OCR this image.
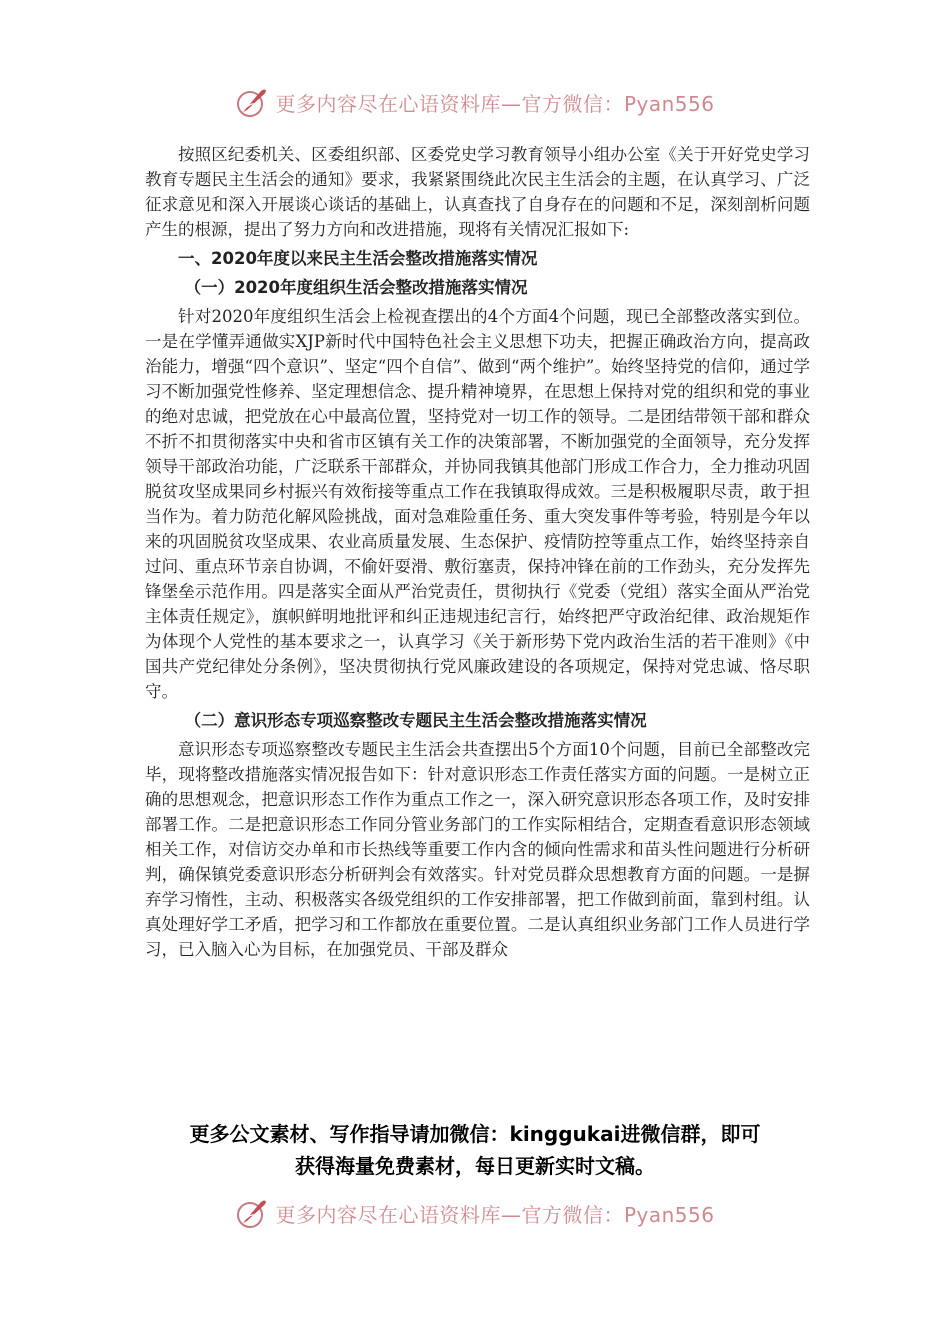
更多内容尽在心语资料库—官方微信：Pyan556

按照区纪委机关、区委组织部、区委党史学习教育领导小组办公室《关于开好党史学习教育专题民主生活会的通知》要求，我紧紧围绕此次民主生活会的主题，在认真学习、广泛征求意见和深入开展谈心谈话的基础上，认真查找了自身存在的问题和不足，深刻剖析问题产生的根源，提出了努力方向和改进措施，现将有关情况汇报如下:

一、2020年度以来民主生活会整改措施落实情况
（一）2020年度组织生活会整改措施落实情况

针对2020年度组织生活会上检视查摆出的4个方面4个问题，现已全部整改落实到位。一是在学懂弄通做实XJP新时代中国特色社会主义思想下功夫，把握正确政治方向，提高政治能力，增强“四个意识”、坚定“四个自信”、做到“两个维护”。始终坚持党的信仰，通过学习不断加强党性修养、坚定理想信念、提升精神境界，在思想上保持对党的组织和党的事业的绝对忠诚，把党放在心中最高位置，坚持党对一切工作的领导。二是团结带领干部和群众不折不扣贯彻落实中央和省市区镇有关工作的决策部署，不断加强党的全面领导，充分发挥领导干部政治功能，广泛联系干部群众，并协同我镇其他部门形成工作合力，全力推动巩固脱贫攻坚成果同乡村振兴有效衔接等重点工作在我镇取得成效。三是积极履职尽责，敢于担当作为。着力防范化解风险挑战，面对急难险重任务、重大突发事件等考验，特别是今年以来的巩固脱贫攻坚成果、农业高质量发展、生态保护、疫情防控等重点工作，始终坚持亲自过问、重点环节亲自协调，不偷奸耍滑、敷衍塞责，保持冲锋在前的工作劲头，充分发挥先锋堡垒示范作用。四是落实全面从严治党责任，贯彻执行《党委（党组）落实全面从严治党主体责任规定》，旗帜鲜明地批评和纠正违规违纪言行，始终把严守政治纪律、政治规矩作为体现个人党性的基本要求之一，认真学习《关于新形势下党内政治生活的若干准则》《中国共产党纪律处分条例》，坚决贯彻执行党风廉政建设的各项规定，保持对党忠诚、恪尽职守。

（二）意识形态专项巡察整改专题民主生活会整改措施落实情况

意识形态专项巡察整改专题民主生活会共查摆出5个方面10个问题，目前已全部整改完毕，现将整改措施落实情况报告如下：针对意识形态工作责任落实方面的问题。一是树立正确的思想观念，把意识形态工作作为重点工作之一，深入研究意识形态各项工作，及时安排部署工作。二是把意识形态工作同分管业务部门的工作实际相结合，定期查看意识形态领域相关工作，对信访交办单和市长热线等重要工作内含的倾向性需求和苗头性问题进行分析研判，确保镇党委意识形态分析研判会有效落实。针对党员群众思想教育方面的问题。一是摒弃学习惰性，主动、积极落实各级党组织的工作安排部署，把工作做到前面，靠到村组。认真处理好学工矛盾，把学习和工作都放在重要位置。二是认真组织业务部门工作人员进行学习，已入脑入心为目标，在加强党员、干部及群众

更多公文素材、写作指导请加微信：kinggukai进微信群，即可
获得海量免费素材，每日更新实时文稿。
更多内容尽在心语资料库—官方微信：Pyan556
